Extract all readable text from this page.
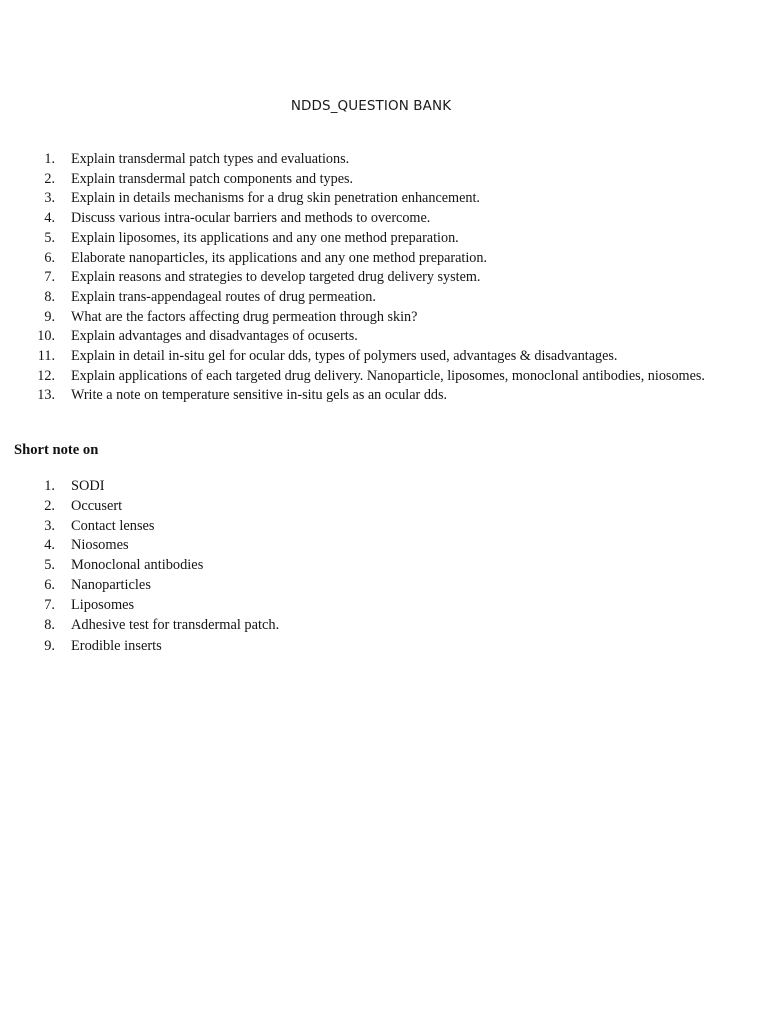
NDDS_QUESTION BANK
1. Explain transdermal patch types and evaluations.
2. Explain transdermal patch components and types.
3. Explain in details mechanisms for a drug skin penetration enhancement.
4. Discuss various intra-ocular barriers and methods to overcome.
5. Explain liposomes, its applications and any one method preparation.
6. Elaborate nanoparticles, its applications and any one method preparation.
7. Explain reasons and strategies to develop targeted drug delivery system.
8. Explain trans-appendageal routes of drug permeation.
9. What are the factors affecting drug permeation through skin?
10. Explain advantages and disadvantages of ocuserts.
11. Explain in detail in-situ gel for ocular dds, types of polymers used, advantages & disadvantages.
12. Explain applications of each targeted drug delivery. Nanoparticle, liposomes, monoclonal antibodies, niosomes.
13. Write a note on temperature sensitive in-situ gels as an ocular dds.
Short note on
1. SODI
2. Occusert
3. Contact lenses
4. Niosomes
5. Monoclonal antibodies
6. Nanoparticles
7. Liposomes
8. Adhesive test for transdermal patch.
9. Erodible inserts
